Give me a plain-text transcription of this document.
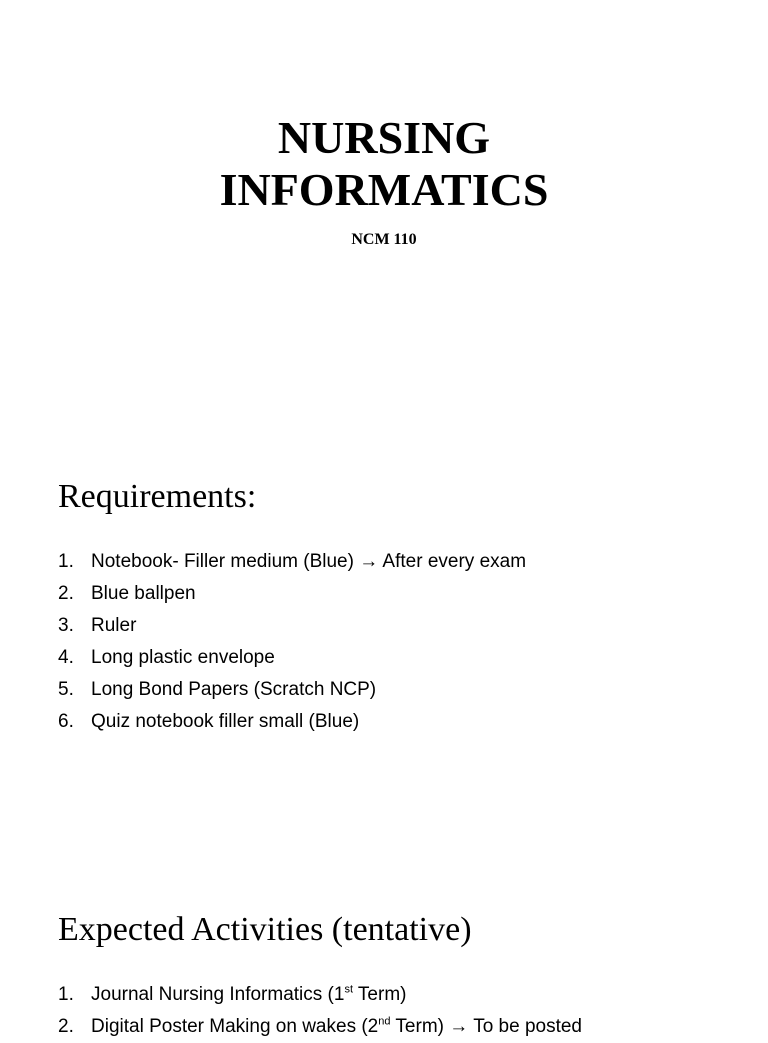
NURSING
INFORMATICS
NCM 110
Requirements:
1. Notebook- Filler medium (Blue) → After every exam
2. Blue ballpen
3. Ruler
4. Long plastic envelope
5. Long Bond Papers (Scratch NCP)
6. Quiz notebook filler small (Blue)
Expected Activities (tentative)
1. Journal Nursing Informatics (1st Term)
2. Digital Poster Making on wakes (2nd Term) → To be posted
